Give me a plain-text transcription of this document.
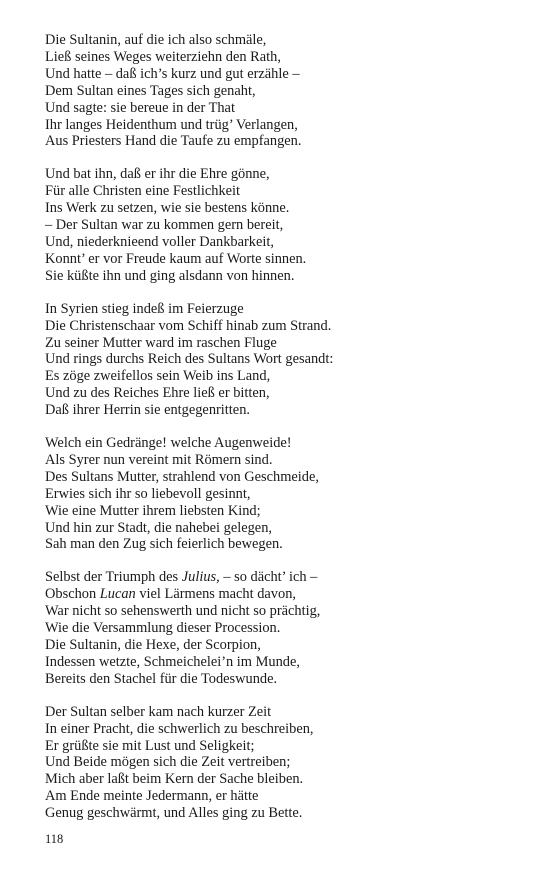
Die Sultanin, auf die ich also schmäle,
Ließ seines Weges weiterziehn den Rath,
Und hatte – daß ich’s kurz und gut erzähle –
Dem Sultan eines Tages sich genaht,
Und sagte: sie bereue in der That
Ihr langes Heidenthum und trüg’ Verlangen,
Aus Priesters Hand die Taufe zu empfangen.
Und bat ihn, daß er ihr die Ehre gönne,
Für alle Christen eine Festlichkeit
Ins Werk zu setzen, wie sie bestens könne.
– Der Sultan war zu kommen gern bereit,
Und, niederknieend voller Dankbarkeit,
Konnt’ er vor Freude kaum auf Worte sinnen.
Sie küßte ihn und ging alsdann von hinnen.
In Syrien stieg indeß im Feierzuge
Die Christenschaar vom Schiff hinab zum Strand.
Zu seiner Mutter ward im raschen Fluge
Und rings durchs Reich des Sultans Wort gesandt:
Es zöge zweifellos sein Weib ins Land,
Und zu des Reiches Ehre ließ er bitten,
Daß ihrer Herrin sie entgegenritten.
Welch ein Gedränge! welche Augenweide!
Als Syrer nun vereint mit Römern sind.
Des Sultans Mutter, strahlend von Geschmeide,
Erwies sich ihr so liebevoll gesinnt,
Wie eine Mutter ihrem liebsten Kind;
Und hin zur Stadt, die nahebei gelegen,
Sah man den Zug sich feierlich bewegen.
Selbst der Triumph des Julius, – so dächt’ ich –
Obschon Lucan viel Lärmens macht davon,
War nicht so sehenswerth und nicht so prächtig,
Wie die Versammlung dieser Procession.
Die Sultanin, die Hexe, der Scorpion,
Indessen wetzte, Schmeichelei’n im Munde,
Bereits den Stachel für die Todeswunde.
Der Sultan selber kam nach kurzer Zeit
In einer Pracht, die schwerlich zu beschreiben,
Er grüßte sie mit Lust und Seligkeit;
Und Beide mögen sich die Zeit vertreiben;
Mich aber laßt beim Kern der Sache bleiben.
Am Ende meinte Jedermann, er hätte
Genug geschwärmt, und Alles ging zu Bette.
118
